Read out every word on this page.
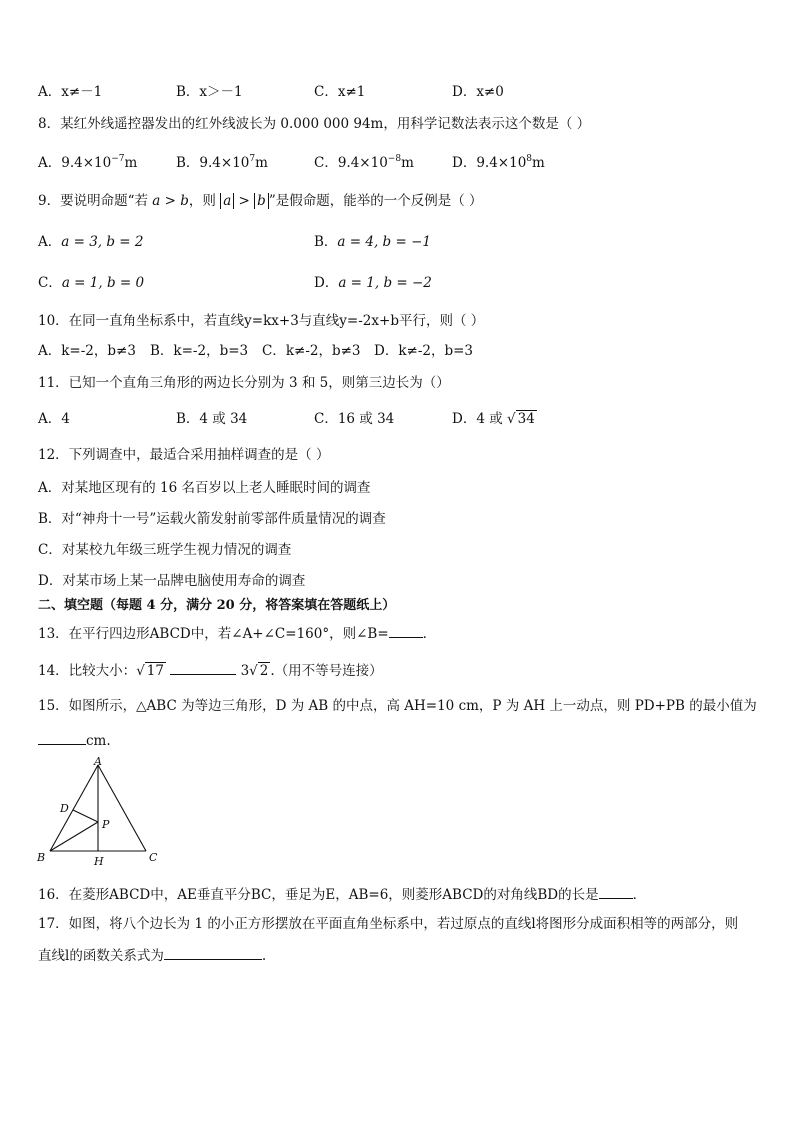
A．x≠－1	B．x＞－1	C．x≠1	D．x≠0
8．某红外线遥控器发出的红外线波长为 0.000 000 94m，用科学记数法表示这个数是（ ）
A．$9.4\times 10^{-7}m$	B．$9.4\times 10^7m$	C．$9.4\times 10^{-8}m$	D．$9.4\times 10^8m$
9．要说明命题“若 a > b，则 a > b ”是假命题，能举的一个反例是（ ）
A．a = 3, b = 2	B．a = 4, b = −1
C．a = 1, b = 0	D．a = 1, b = −2
10．在同一直角坐标系中，若直线y=kx+3与直线y=-2x+b平行，则（ ）
A．k=-2，b≠3 B．k=-2，b=3 C．k≠-2，b≠3 D．k≠-2，b=3
11．已知一个直角三角形的两边长分别为 3 和 5，则第三边长为（）
A．4	B．4 或 34	C．16 或 34	D．4 或 √ 34
12．下列调查中，最适合采用抽样调查的是（ ）
A．对某地区现有的 16 名百岁以上老人睡眠时间的调查
B．对“神舟十一号”运载火箭发射前零部件质量情况的调查
C．对某校九年级三班学生视力情况的调查
D．对某市场上某一品牌电脑使用寿命的调查
二、填空题（每题 4 分，满分 20 分，将答案填在答题纸上）
13．在平行四边形ABCD中，若∠A+∠C=160°，则∠B=	．
14．比较大小：√ 17	3√ 2 .（用不等号连接）
15．如图所示，△ABC 为等边三角形，D 为 AB 的中点，高 AH=10 cm，P 为 AH 上一动点，则 PD+PB 的最小值为
cm.
A
D
P
B	H	C
16．在菱形ABCD中，AE垂直平分BC，垂足为E，AB=6，则菱形ABCD的对角线BD的长是	．
17．如图，将八个边长为 1 的小正方形摆放在平面直角坐标系中，若过原点的直线l将图形分成面积相等的两部分，则
直线l的函数关系式为	.
